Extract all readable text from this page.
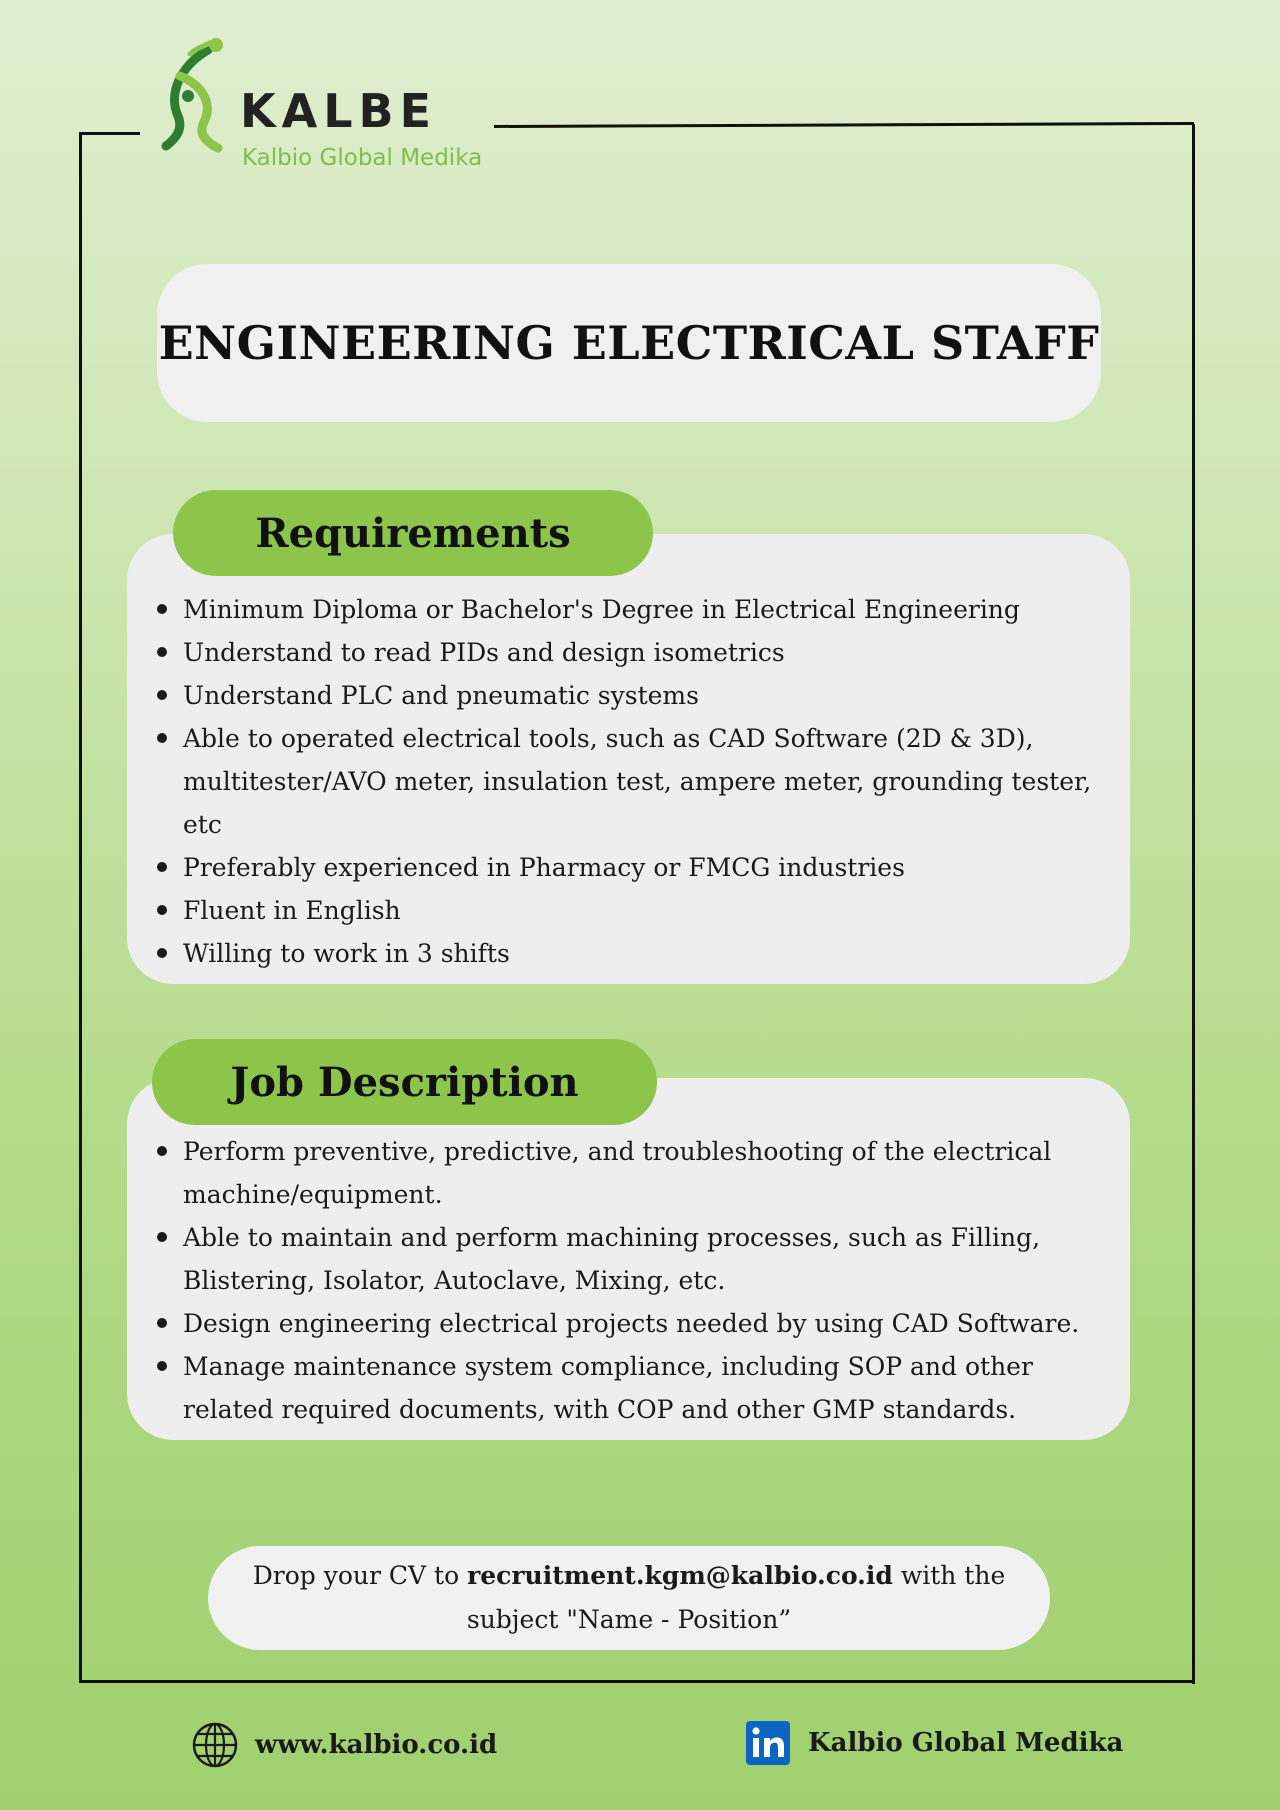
KALBE
Kalbio Global Medika
ENGINEERING ELECTRICAL STAFF
Minimum Diploma or Bachelor's Degree in Electrical Engineering
Understand to read PIDs and design isometrics
Understand PLC and pneumatic systems
Able to operated electrical tools, such as CAD Software (2D & 3D), multitester/AVO meter, insulation test, ampere meter, grounding tester, etc
Preferably experienced in Pharmacy or FMCG industries
Fluent in English
Willing to work in 3 shifts
Requirements
Perform preventive, predictive, and troubleshooting of the electrical machine/equipment.
Able to maintain and perform machining processes, such as Filling, Blistering, Isolator, Autoclave, Mixing, etc.
Design engineering electrical projects needed by using CAD Software.
Manage maintenance system compliance, including SOP and other related required documents, with COP and other GMP standards.
Job Description

Drop your CV to recruitment.kgm@kalbio.co.id with the subject "Name - Position”

www.kalbio.co.id	Kalbio Global Medika
